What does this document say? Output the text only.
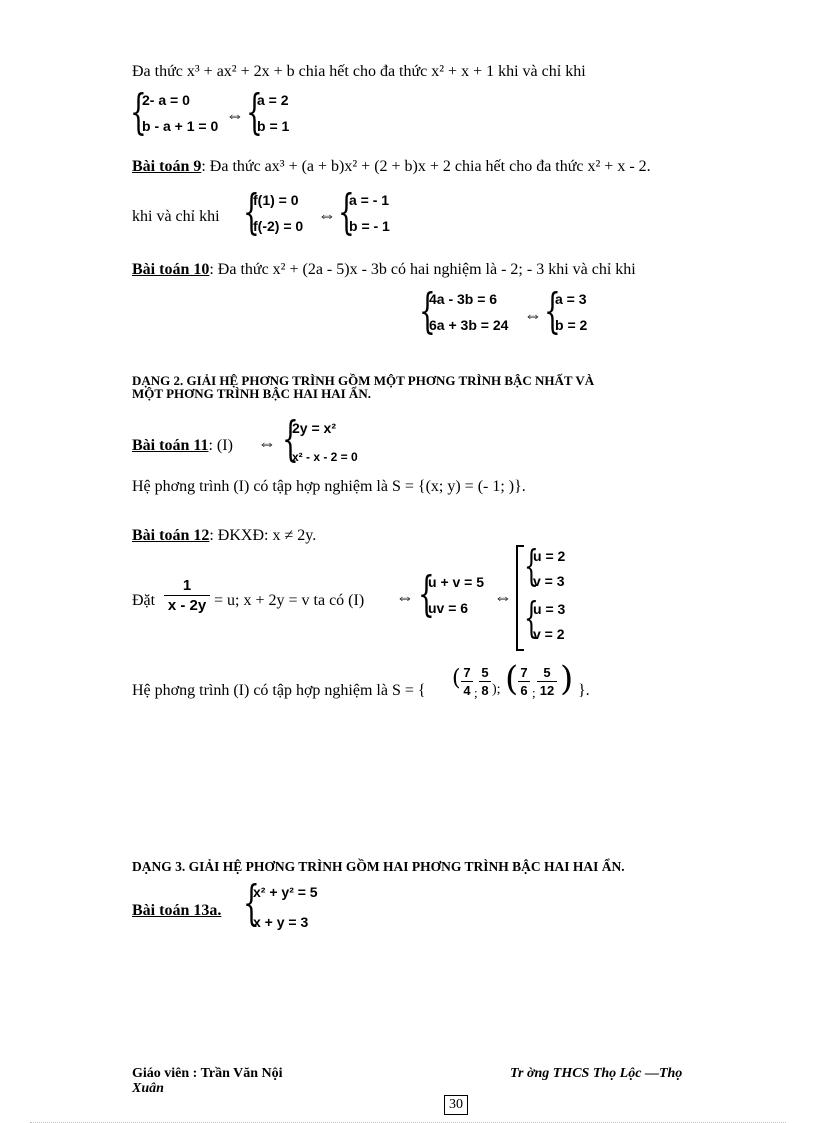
Đa thức x³ + ax² + 2x + b chia hết cho đa thức x² + x + 1 khi và chỉ khi
{
2- a = 0
b - a + 1 = 0
⇔ {
a = 2
b = 1
Bài toán 9: Đa thức ax³ + (a + b)x² + (2 + b)x + 2 chia hết cho đa thức x² + x - 2.
khi và chỉ khi {
f(1) = 0
f(-2) = 0
⇔ {
a = - 1
b = - 1
Bài toán 10: Đa thức x² + (2a - 5)x - 3b có hai nghiệm là - 2; - 3 khi và chỉ khi
{
4a - 3b = 6
6a + 3b = 24 ⇔ {
a = 3
b = 2
DẠNG 2. GIẢI HỆ PHƠNG TRÌNH GỒM MỘT PHƠNG TRÌNH BẬC NHẤT VÀ
MỘT PHƠNG TRÌNH BẬC HAI HAI ẨN.
Bài toán 11: (I) ⇔ {
2y = x²
x² - x - 2 = 0
Hệ phơng trình (I) có tập hợp nghiệm là S = {(x; y) = (- 1; )}.
Bài toán 12: ĐKXĐ: x ≠ 2y.
Đặt
1
x - 2y = u; x + 2y = v ta có (I) ⇔ {
u + v = 5
uv = 6
⇔
{
u = 2
v = 3
{
u = 3
v = 2
Hệ phơng trình (I) có tập hợp nghiệm là S = { ( 7
4 ;
5
8 ); ( 7
6 ;
5
12 ) }.
DẠNG 3. GIẢI HỆ PHƠNG TRÌNH GỒM HAI PHƠNG TRÌNH BẬC HAI HAI ẨN.
Bài toán 13a. {
x² + y² = 5
x + y = 3
Giáo viên : Trần Văn Nội
Xuân
Tr ờng THCS Thọ Lộc —Thọ
30
